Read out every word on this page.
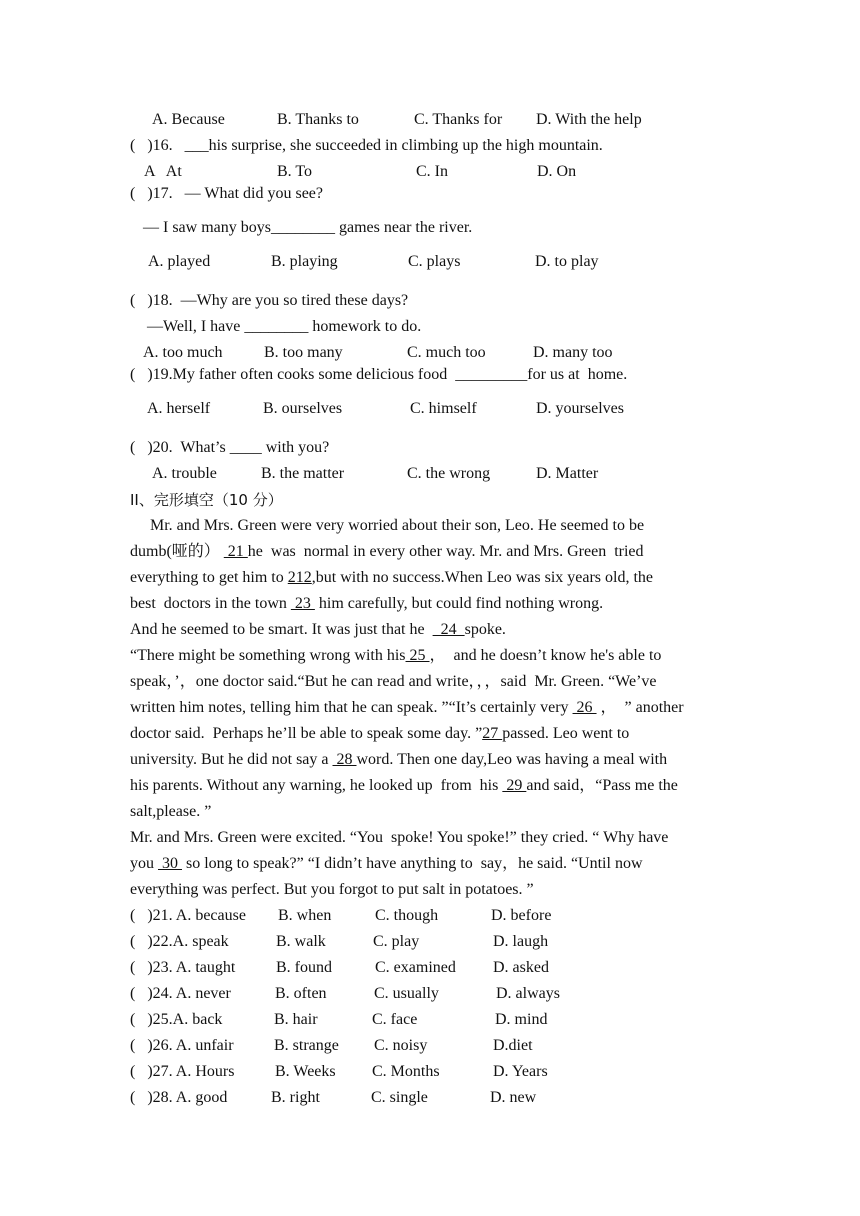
A. Because	B. Thanks to	C. Thanks for D. With the help
(   )16.   ___his surprise, she succeeded in climbing up the high mountain.
A   At	B. To	C. In	D. On
(   )17.   — What did you see?
— I saw many boys________ games near the river.
A. played	B. playing	C. plays	D. to play
(   )18.  —Why are you so tired these days?
—Well, I have ________ homework to do.
A. too much	B. too many	C. much too	D. many too
(   )19.My father often cooks some delicious food  _________for us at  home.
A. herself	B. ourselves	C. himself	D. yourselves
(   )20.  What’s ____ with you?
A. trouble	B. the matter	C. the wrong	D. Matter
II、完形填空（10 分）
Mr. and Mrs. Green were very worried about their son, Leo. He seemed to be
dumb(哑的）  21 he  was  normal in every other way. Mr. and Mrs. Green  tried
everything to get him to 212,but with no success.When Leo was six years old, the
best  doctors in the town  23  him carefully, but could find nothing wrong.
And he seemed to be smart. It was just that he    24  spoke.
“There might be something wrong with his 25 ，  and he doesn’t know he's able to
speak，’，one doctor said.“But he can read and write，，，said  Mr. Green. “We’ve
written him notes, telling him that he can speak. ”“It’s certainly very  26  ，  ” another
doctor said.  Perhaps he’ll be able to speak some day. ”27 passed. Leo went to
university. But he did not say a  28 word. Then one day,Leo was having a meal with
his parents. Without any warning, he looked up  from  his  29 and said，“Pass me the
salt,please. ”
Mr. and Mrs. Green were excited. “You  spoke! You spoke!” they cried. “ Why have
you  30  so long to speak?” “I didn’t have anything to  say，he said. “Until now
everything was perfect. But you forgot to put salt in potatoes. ”
(   )21. A. because B. when	C. though	D. before
(   )22.A. speak	B. walk	C. play	D. laugh
(   )23. A. taught	B. found	C. examined D. asked
(   )24. A. never	B. often	C. usually	D. always
(   )25.A. back	B. hair	C. face	D. mind
(   )26. A. unfair	B. strange C. noisy	D.diet
(   )27. A. Hours	B. Weeks C. Months	D. Years
(   )28. A. good	B. right	C. single	D. new
